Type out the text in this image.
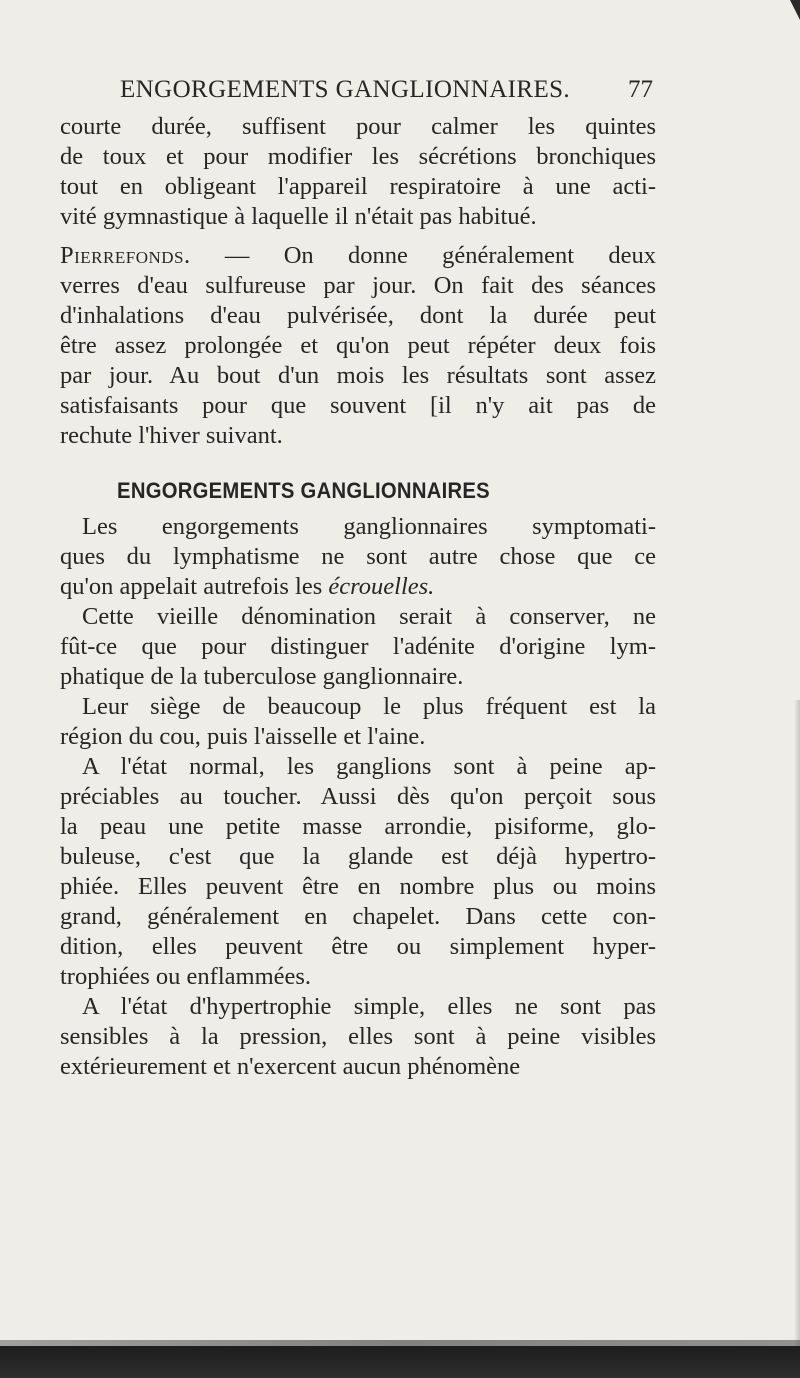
ENGORGEMENTS GANGLIONNAIRES. 77
courte durée, suffisent pour calmer les quintes
de toux et pour modifier les sécrétions bronchiques
tout en obligeant l'appareil respiratoire à une acti-
vité gymnastique à laquelle il n'était pas habitué.
Pierrefonds. — On donne généralement deux
verres d'eau sulfureuse par jour. On fait des séances
d'inhalations d'eau pulvérisée, dont la durée peut
être assez prolongée et qu'on peut répéter deux fois
par jour. Au bout d'un mois les résultats sont assez
satisfaisants pour que souvent [il n'y ait pas de
rechute l'hiver suivant.
ENGORGEMENTS GANGLIONNAIRES
Les engorgements ganglionnaires symptomati-
ques du lymphatisme ne sont autre chose que ce
qu'on appelait autrefois les écrouelles.
Cette vieille dénomination serait à conserver, ne
fût-ce que pour distinguer l'adénite d'origine lym-
phatique de la tuberculose ganglionnaire.
Leur siège de beaucoup le plus fréquent est la
région du cou, puis l'aisselle et l'aine.
A l'état normal, les ganglions sont à peine ap-
préciables au toucher. Aussi dès qu'on perçoit sous
la peau une petite masse arrondie, pisiforme, glo-
buleuse, c'est que la glande est déjà hypertro-
phiée. Elles peuvent être en nombre plus ou moins
grand, généralement en chapelet. Dans cette con-
dition, elles peuvent être ou simplement hyper-
trophiées ou enflammées.
A l'état d'hypertrophie simple, elles ne sont pas
sensibles à la pression, elles sont à peine visibles
extérieurement et n'exercent aucun phénomène
